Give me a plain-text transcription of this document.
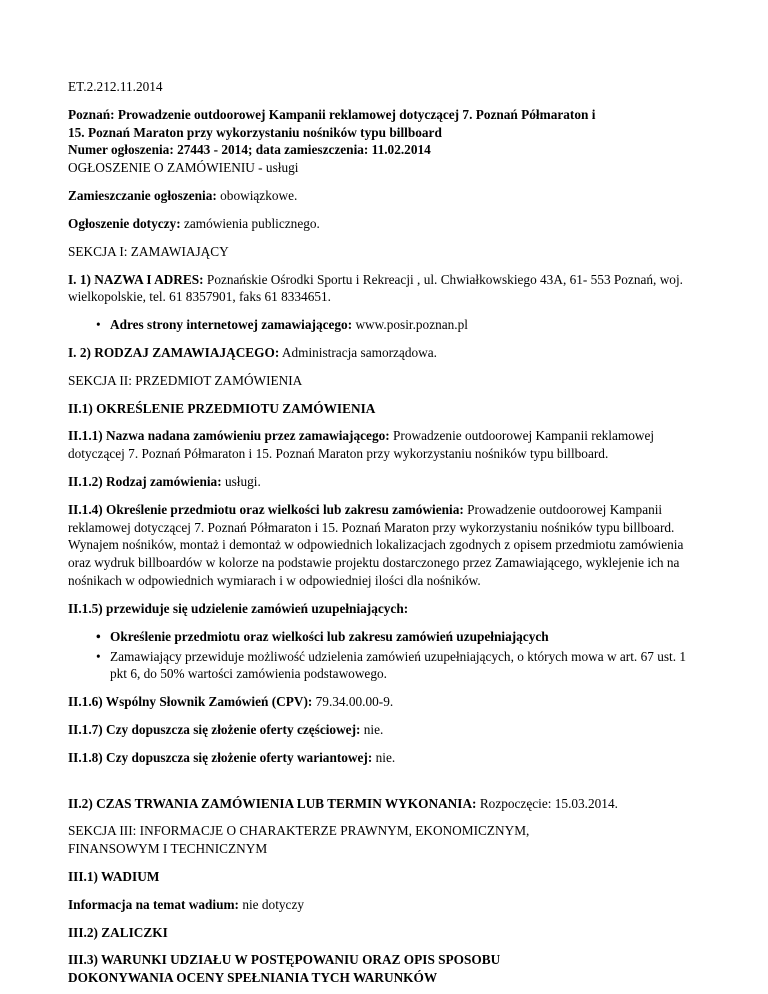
ET.2.212.11.2014

Poznań: Prowadzenie outdoorowej Kampanii reklamowej dotyczącej 7. Poznań Półmaraton i

15. Poznań Maraton przy wykorzystaniu nośników typu billboard

Numer ogłoszenia: 27443 - 2014; data zamieszczenia: 11.02.2014

OGŁOSZENIE O ZAMÓWIENIU - usługi

Zamieszczanie ogłoszenia: obowiązkowe.

Ogłoszenie dotyczy: zamówienia publicznego.

SEKCJA I: ZAMAWIAJĄCY

I. 1) NAZWA I ADRES: Poznańskie Ośrodki Sportu i Rekreacji , ul. Chwiałkowskiego 43A, 61- 553 Poznań, woj. wielkopolskie, tel. 61 8357901, faks 61 8334651.

• Adres strony internetowej zamawiającego: www.posir.poznan.pl

I. 2) RODZAJ ZAMAWIAJĄCEGO: Administracja samorządowa.

SEKCJA II: PRZEDMIOT ZAMÓWIENIA

II.1) OKREŚLENIE PRZEDMIOTU ZAMÓWIENIA

II.1.1) Nazwa nadana zamówieniu przez zamawiającego: Prowadzenie outdoorowej Kampanii reklamowej dotyczącej 7. Poznań Półmaraton i 15. Poznań Maraton przy wykorzystaniu nośników typu billboard.

II.1.2) Rodzaj zamówienia: usługi.

II.1.4) Określenie przedmiotu oraz wielkości lub zakresu zamówienia: Prowadzenie outdoorowej Kampanii reklamowej dotyczącej 7. Poznań Półmaraton i 15. Poznań Maraton przy wykorzystaniu nośników typu billboard. Wynajem nośników, montaż i demontaż w odpowiednich lokalizacjach zgodnych z opisem przedmiotu zamówienia oraz wydruk billboardów w kolorze na podstawie projektu dostarczonego przez Zamawiającego, wyklejenie ich na nośnikach w odpowiednich wymiarach i w odpowiedniej ilości dla nośników.

II.1.5) przewiduje się udzielenie zamówień uzupełniających:

• Określenie przedmiotu oraz wielkości lub zakresu zamówień uzupełniających
• Zamawiający przewiduje możliwość udzielenia zamówień uzupełniających, o których mowa w art. 67 ust. 1 pkt 6, do 50% wartości zamówienia podstawowego.

II.1.6) Wspólny Słownik Zamówień (CPV): 79.34.00.00-9.

II.1.7) Czy dopuszcza się złożenie oferty częściowej: nie.

II.1.8) Czy dopuszcza się złożenie oferty wariantowej: nie.

II.2) CZAS TRWANIA ZAMÓWIENIA LUB TERMIN WYKONANIA: Rozpoczęcie: 15.03.2014.

SEKCJA III: INFORMACJE O CHARAKTERZE PRAWNYM, EKONOMICZNYM,

FINANSOWYM I TECHNICZNYM

III.1) WADIUM

Informacja na temat wadium: nie dotyczy

III.2) ZALICZKI

III.3) WARUNKI UDZIAŁU W POSTĘPOWANIU ORAZ OPIS SPOSOBU

DOKONYWANIA OCENY SPEŁNIANIA TYCH WARUNKÓW
